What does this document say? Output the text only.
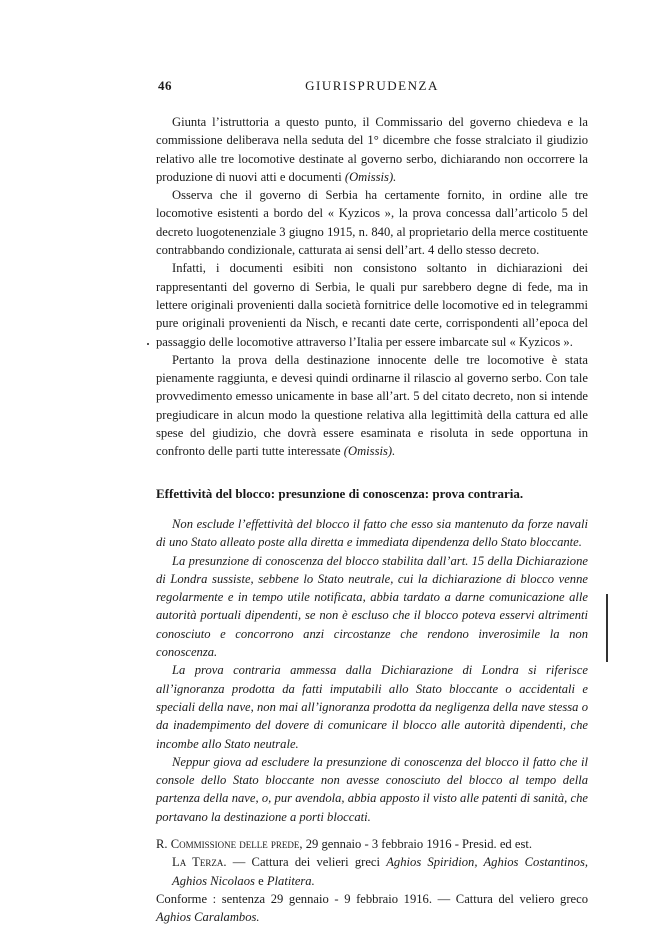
46	GIURISPRUDENZA

Giunta l’istruttoria a questo punto, il Commissario del governo chiedeva e la commissione deliberava nella seduta del 1° dicembre che fosse stralciato il giudizio relativo alle tre locomotive destinate al governo serbo, dichiarando non occorrere la produzione di nuovi atti e documenti (Omissis).

Osserva che il governo di Serbia ha certamente fornito, in ordine alle tre locomotive esistenti a bordo del « Kyzicos », la prova concessa dall’articolo 5 del decreto luogotenenziale 3 giugno 1915, n. 840, al proprietario della merce costituente contrabbando condizionale, catturata ai sensi dell’art. 4 dello stesso decreto.

Infatti, i documenti esibiti non consistono soltanto in dichiarazioni dei rappresentanti del governo di Serbia, le quali pur sarebbero degne di fede, ma in lettere originali provenienti dalla società fornitrice delle locomotive ed in telegrammi pure originali provenienti da Nisch, e recanti date certe, corrispondenti all’epoca del passaggio delle locomotive attraverso l’Italia per essere imbarcate sul « Kyzicos ».

Pertanto la prova della destinazione innocente delle tre locomotive è stata pienamente raggiunta, e devesi quindi ordinarne il rilascio al governo serbo. Con tale provvedimento emesso unicamente in base all’art. 5 del citato decreto, non si intende pregiudicare in alcun modo la questione relativa alla legittimità della cattura ed alle spese del giudizio, che dovrà essere esaminata e risoluta in sede opportuna in confronto delle parti tutte interessate (Omissis).

Effettività del blocco: presunzione di conoscenza: prova contraria.

Non esclude l’effettività del blocco il fatto che esso sia mantenuto da forze navali di uno Stato alleato poste alla diretta e immediata dipendenza dello Stato bloccante.

La presunzione di conoscenza del blocco stabilita dall’art. 15 della Dichiarazione di Londra sussiste, sebbene lo Stato neutrale, cui la dichiarazione di blocco venne regolarmente e in tempo utile notificata, abbia tardato a darne comunicazione alle autorità portuali dipendenti, se non è escluso che il blocco poteva esservi altrimenti conosciuto e concorrono anzi circostanze che rendono inverosimile la non conoscenza.

La prova contraria ammessa dalla Dichiarazione di Londra si riferisce all’ignoranza prodotta da fatti imputabili allo Stato bloccante o accidentali e speciali della nave, non mai all’ignoranza prodotta da negligenza della nave stessa o da inadempimento del dovere di comunicare il blocco alle autorità dipendenti, che incombe allo Stato neutrale.

Neppur giova ad escludere la presunzione di conoscenza del blocco il fatto che il console dello Stato bloccante non avesse conosciuto del blocco al tempo della partenza della nave, o, pur avendola, abbia apposto il visto alle patenti di sanità, che portavano la destinazione a porti bloccati.

R. Commissione delle prede, 29 gennaio - 3 febbraio 1916 - Presid. ed est.

La Terza. — Cattura dei velieri greci Aghios Spiridion, Aghios Costantinos, Aghios Nicolaos e Platitera.

Conforme : sentenza 29 gennaio - 9 febbraio 1916. — Cattura del veliero greco Aghios Caralambos.
